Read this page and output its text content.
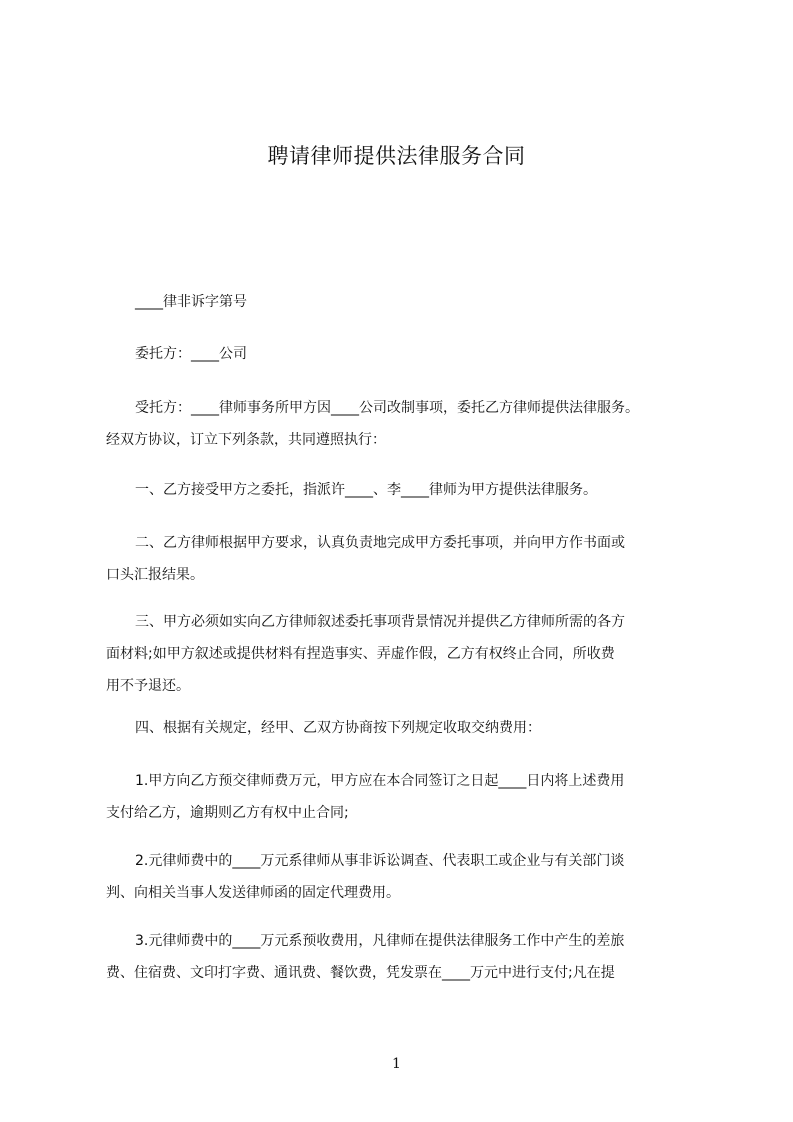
聘请律师提供法律服务合同

____律非诉字第号

委托方：____公司

受托方：____律师事务所甲方因____公司改制事项，委托乙方律师提供法律服务。
经双方协议，订立下列条款，共同遵照执行：

一、乙方接受甲方之委托，指派许____、李____律师为甲方提供法律服务。

二、乙方律师根据甲方要求，认真负责地完成甲方委托事项，并向甲方作书面或
口头汇报结果。

三、甲方必须如实向乙方律师叙述委托事项背景情况并提供乙方律师所需的各方
面材料;如甲方叙述或提供材料有捏造事实、弄虚作假，乙方有权终止合同，所收费
用不予退还。

四、根据有关规定，经甲、乙双方协商按下列规定收取交纳费用：

1.甲方向乙方预交律师费万元，甲方应在本合同签订之日起____日内将上述费用
支付给乙方，逾期则乙方有权中止合同;

2.元律师费中的____万元系律师从事非诉讼调查、代表职工或企业与有关部门谈
判、向相关当事人发送律师函的固定代理费用。

3.元律师费中的____万元系预收费用，凡律师在提供法律服务工作中产生的差旅
费、住宿费、文印打字费、通讯费、餐饮费，凭发票在____万元中进行支付;凡在提

1
